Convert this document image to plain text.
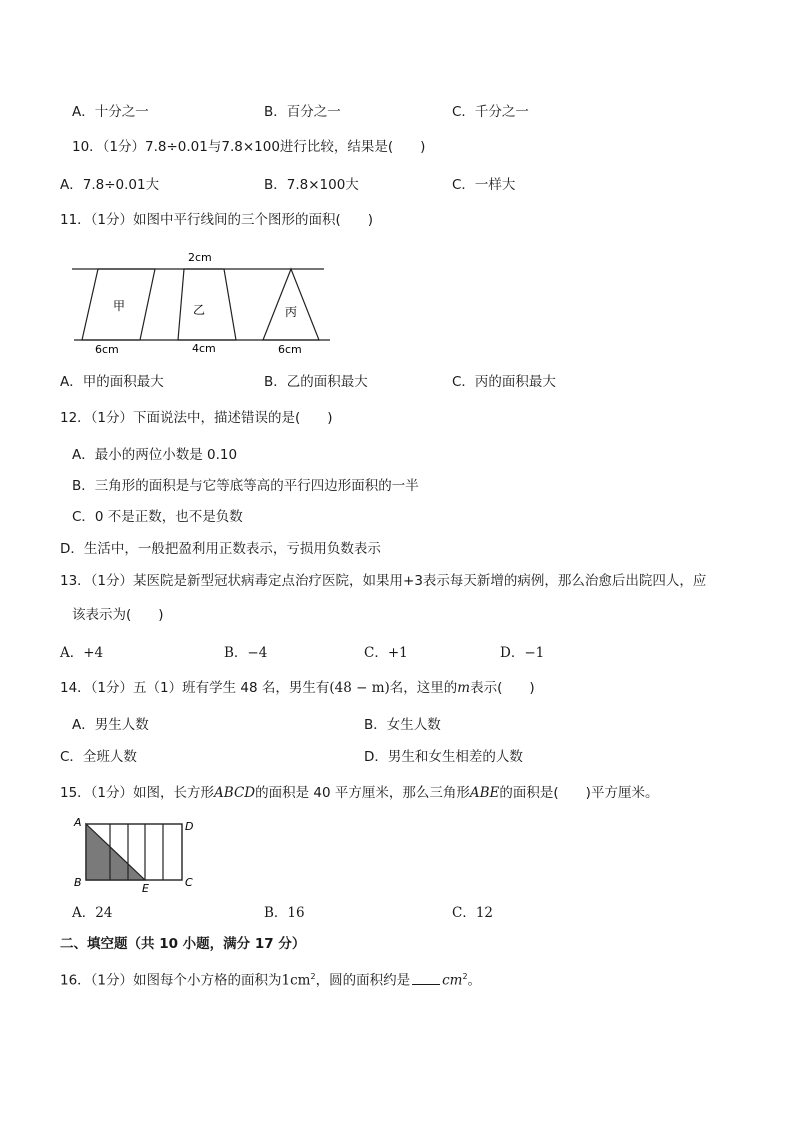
A．十分之一	B．百分之一	C．千分之一
10．（1分）7.8÷0.01与7.8×100进行比较，结果是(　　)
A．7.8÷0.01大	B．7.8×100大	C．一样大
11．（1分）如图中平行线间的三个图形的面积(　　)
2cm
甲	乙	丙
6cm	4cm	6cm
A．甲的面积最大	B．乙的面积最大	C．丙的面积最大
12．（1分）下面说法中，描述错误的是(　　)
A．最小的两位小数是 0.10
B．三角形的面积是与它等底等高的平行四边形面积的一半
C．0 不是正数，也不是负数
D．生活中，一般把盈利用正数表示，亏损用负数表示
13．（1分）某医院是新型冠状病毒定点治疗医院，如果用+3表示每天新增的病例，那么治愈后出院四人，应
该表示为(　　)
A．+4	B．−4	C．+1	D．−1
14．（1分）五（1）班有学生 48 名，男生有(48 − m)名，这里的m表示(　　)
A．男生人数	B．女生人数
C．全班人数	D．男生和女生相差的人数
15．（1分）如图，长方形ABCD的面积是 40 平方厘米，那么三角形ABE的面积是(　　)平方厘米。
A
B	C
D
E
A．24	B．16	C．12
二、填空题（共 10 小题，满分 17 分）
16．（1分）如图每个小方格的面积为$1cm^2$，圆的面积约是 $cm^2$。
